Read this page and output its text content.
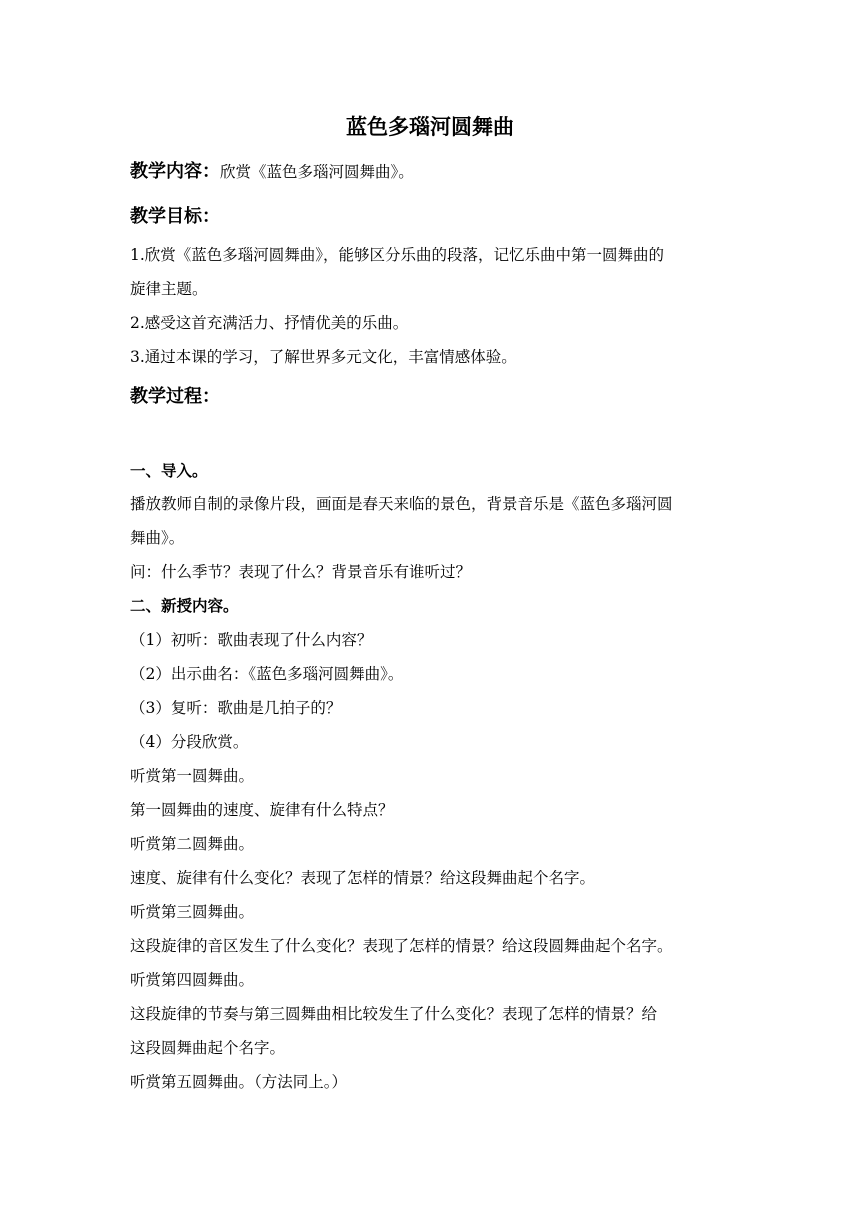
蓝色多瑙河圆舞曲
教学内容：欣赏《蓝色多瑙河圆舞曲》。
教学目标：
1.欣赏《蓝色多瑙河圆舞曲》，能够区分乐曲的段落，记忆乐曲中第一圆舞曲的
旋律主题。
2.感受这首充满活力、抒情优美的乐曲。
3.通过本课的学习，了解世界多元文化，丰富情感体验。
教学过程：
一、导入。
播放教师自制的录像片段，画面是春天来临的景色，背景音乐是《蓝色多瑙河圆
舞曲》。
问：什么季节？表现了什么？背景音乐有谁听过？
二、新授内容。
（1）初听：歌曲表现了什么内容？
（2）出示曲名：《蓝色多瑙河圆舞曲》。
（3）复听：歌曲是几拍子的？
（4）分段欣赏。
听赏第一圆舞曲。
第一圆舞曲的速度、旋律有什么特点？
听赏第二圆舞曲。
速度、旋律有什么变化？表现了怎样的情景？给这段舞曲起个名字。
听赏第三圆舞曲。
这段旋律的音区发生了什么变化？表现了怎样的情景？给这段圆舞曲起个名字。
听赏第四圆舞曲。
这段旋律的节奏与第三圆舞曲相比较发生了什么变化？表现了怎样的情景？给
这段圆舞曲起个名字。
听赏第五圆舞曲。（方法同上。）
